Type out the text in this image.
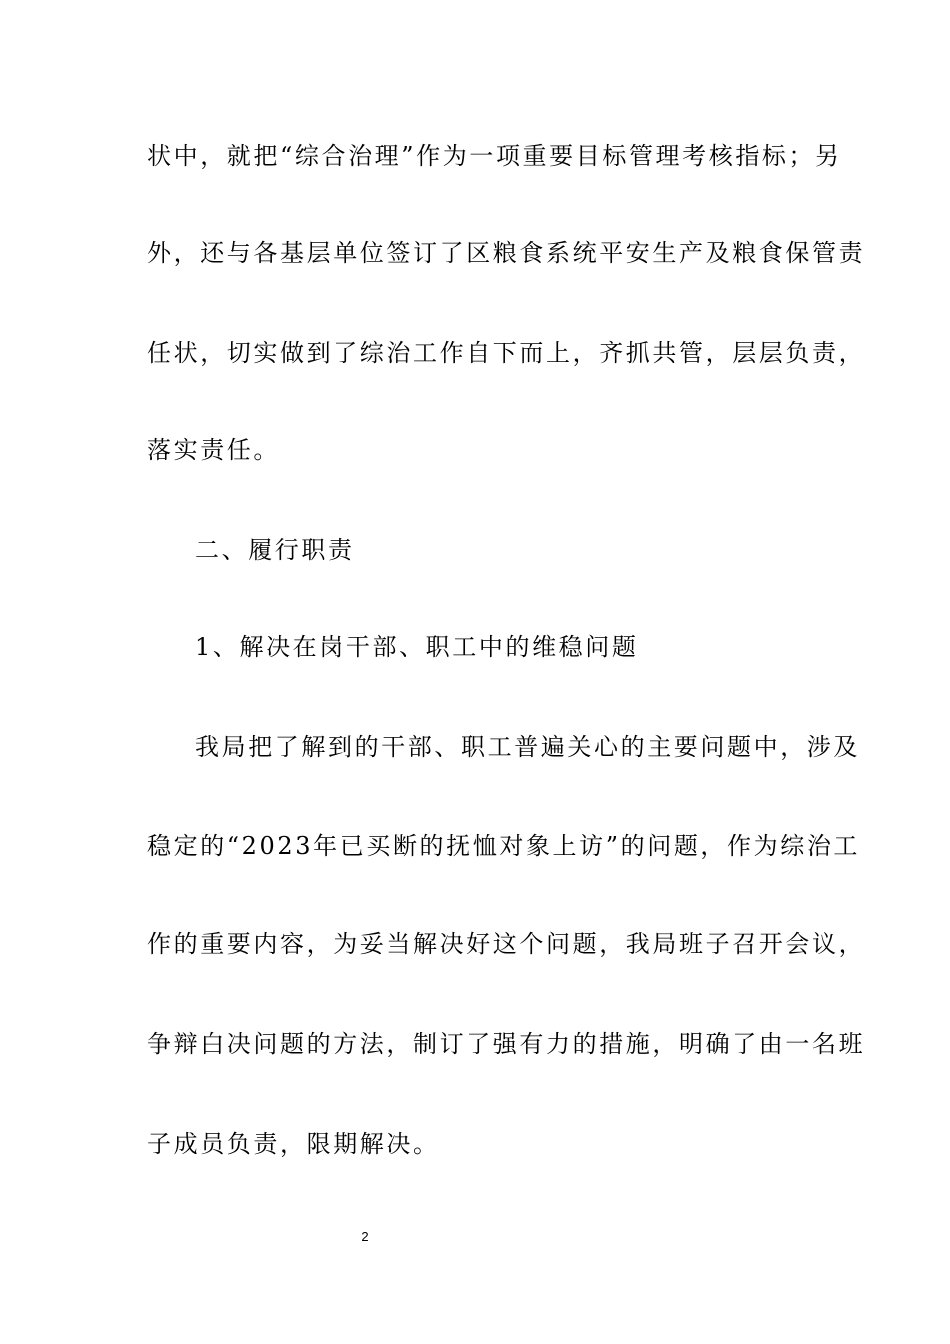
状中，就把“综合治理”作为一项重要目标管理考核指标；另
外，还与各基层单位签订了区粮食系统平安生产及粮食保管责
任状，切实做到了综治工作自下而上，齐抓共管，层层负责，
落实责任。
二、履行职责
1、解决在岗干部、职工中的维稳问题
我局把了解到的干部、职工普遍关心的主要问题中，涉及
稳定的“2023年已买断的抚恤对象上访”的问题，作为综治工
作的重要内容，为妥当解决好这个问题，我局班子召开会议，
争辩白决问题的方法，制订了强有力的措施，明确了由一名班
子成员负责，限期解决。
2
